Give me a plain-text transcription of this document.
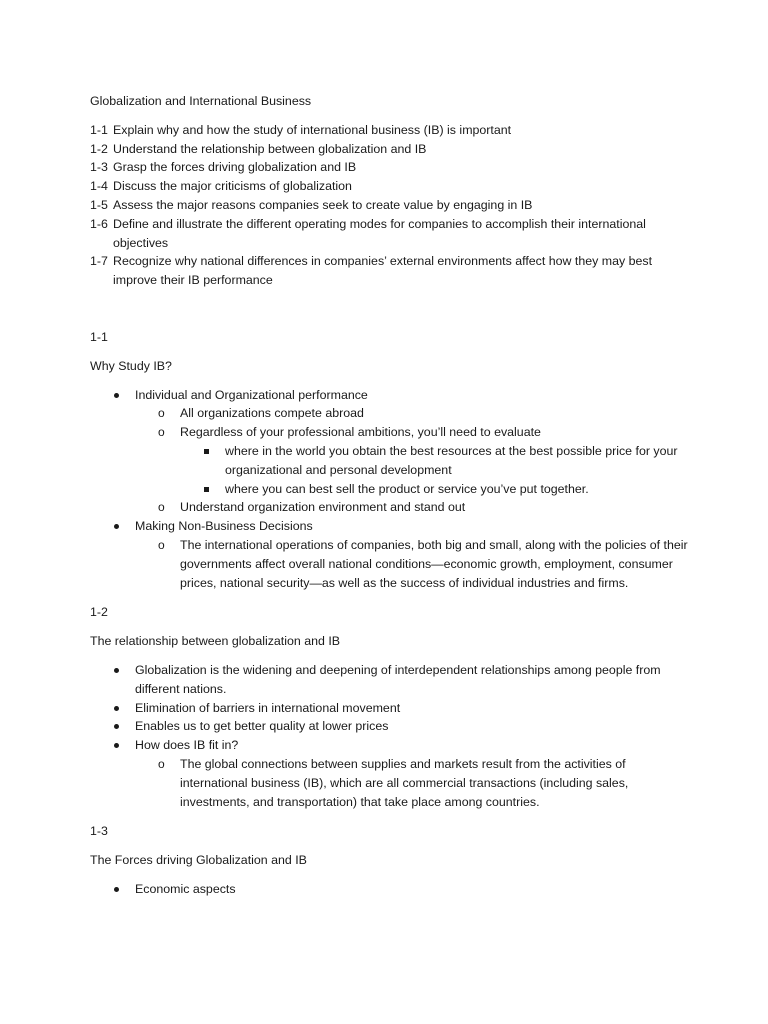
Globalization and International Business

1-1 Explain why and how the study of international business (IB) is important
1-2 Understand the relationship between globalization and IB
1-3 Grasp the forces driving globalization and IB
1-4 Discuss the major criticisms of globalization
1-5 Assess the major reasons companies seek to create value by engaging in IB
1-6 Define and illustrate the different operating modes for companies to accomplish their international objectives
1-7 Recognize why national differences in companies’ external environments affect how they may best improve their IB performance

1-1

Why Study IB?

Individual and Organizational performance
o All organizations compete abroad
o Regardless of your professional ambitions, you’ll need to evaluate
where in the world you obtain the best resources at the best possible price for your organizational and personal development
where you can best sell the product or service you’ve put together.
o Understand organization environment and stand out
Making Non-Business Decisions
o The international operations of companies, both big and small, along with the policies of their governments affect overall national conditions—economic growth, employment, consumer prices, national security—as well as the success of individual industries and firms.

1-2

The relationship between globalization and IB

Globalization is the widening and deepening of interdependent relationships among people from different nations.
Elimination of barriers in international movement
Enables us to get better quality at lower prices
How does IB fit in?
o The global connections between supplies and markets result from the activities of international business (IB), which are all commercial transactions (including sales, investments, and transportation) that take place among countries.

1-3

The Forces driving Globalization and IB

Economic aspects
